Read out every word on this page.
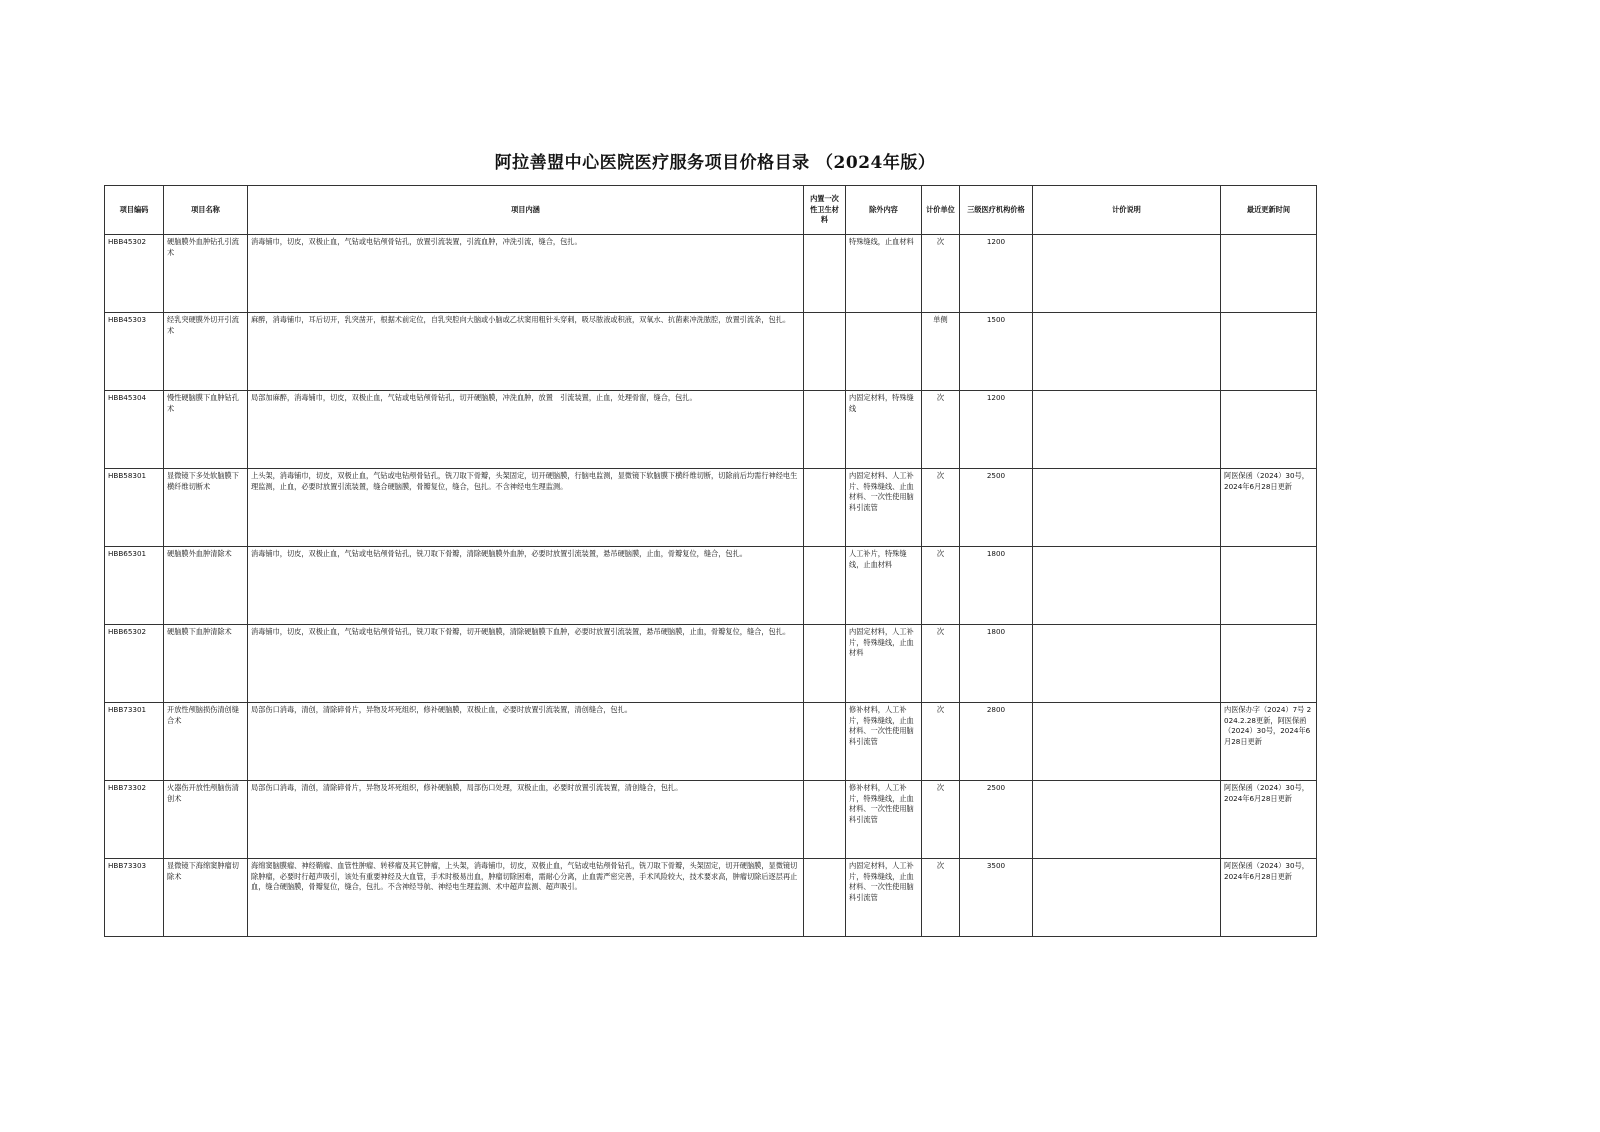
阿拉善盟中心医院医疗服务项目价格目录 （2024年版）
项目编码	项目名称	项目内涵	内置一次性卫生材料	除外内容	计价单位	三级医疗机构价格	计价说明	最近更新时间
HBB45302	硬脑膜外血肿钻孔引流术	消毒铺巾，切皮，双极止血，气钻或电钻颅骨钻孔，放置引流装置，引流血肿，冲洗引流，缝合，包扎。		特殊缝线，止血材料	次	1200		
HBB45303	经乳突硬膜外切开引流术	麻醉，消毒铺巾，耳后切开，乳突凿开，根据术前定位，自乳突腔向大脑或小脑或乙状窦用粗针头穿刺，吸尽脓液或积液，双氧水、抗菌素冲洗脓腔，放置引流条，包扎。			单侧	1500		
HBB45304	慢性硬脑膜下血肿钻孔术	局部加麻醉，消毒铺巾，切皮，双极止血，气钻或电钻颅骨钻孔，切开硬脑膜，冲洗血肿，放置　引流装置，止血，处理骨窗，缝合，包扎。		内固定材料，特殊缝线	次	1200		
HBB58301	显微镜下多处软脑膜下横纤维切断术	上头架，消毒铺巾，切皮，双极止血，气钻或电钻颅骨钻孔，铣刀取下骨瓣，头架固定，切开硬脑膜，行脑电监测，显微镜下软脑膜下横纤维切断，切除前后均需行神经电生理监测，止血，必要时放置引流装置，缝合硬脑膜，骨瓣复位，缝合，包扎。不含神经电生理监测。		内固定材料、人工补片、特殊缝线、止血材料、一次性使用脑科引流管	次	2500		阿医保函（2024）30号，2024年6月28日更新
HBB65301	硬脑膜外血肿清除术	消毒铺巾，切皮，双极止血，气钻或电钻颅骨钻孔，铣刀取下骨瓣，清除硬脑膜外血肿，必要时放置引流装置，悬吊硬脑膜，止血，骨瓣复位，缝合，包扎。		人工补片，特殊缝线，止血材料	次	1800		
HBB65302	硬脑膜下血肿清除术	消毒铺巾，切皮，双极止血，气钻或电钻颅骨钻孔，铣刀取下骨瓣，切开硬脑膜，清除硬脑膜下血肿，必要时放置引流装置，悬吊硬脑膜，止血，骨瓣复位，缝合，包扎。		内固定材料，人工补片，特殊缝线，止血材料	次	1800		
HBB73301	开放性颅脑损伤清创缝合术	局部伤口消毒，清创，清除碎骨片，异物及坏死组织，修补硬脑膜，双极止血，必要时放置引流装置，清创缝合，包扎。		修补材料，人工补片，特殊缝线，止血材料、一次性使用脑科引流管	次	2800		内医保办字（2024）7号 2024.2.28更新，阿医保函（2024）30号，2024年6月28日更新
HBB73302	火器伤开放性颅脑伤清创术	局部伤口消毒，清创，清除碎骨片，异物及坏死组织，修补硬脑膜，局部伤口处理，双极止血，必要时放置引流装置，清创缝合，包扎。		修补材料，人工补片，特殊缝线，止血材料、一次性使用脑科引流管	次	2500		阿医保函（2024）30号，2024年6月28日更新
HBB73303	显微镜下海绵窦肿瘤切除术	海绵窦脑膜瘤、神经鞘瘤、血管性肿瘤、转移瘤及其它肿瘤，上头架，消毒铺巾，切皮，双极止血，气钻或电钻颅骨钻孔，铣刀取下骨瓣，头架固定，切开硬脑膜，显微镜切除肿瘤，必要时行超声吸引，该处有重要神经及大血管，手术时极易出血，肿瘤切除困难，需耐心分离，止血需严密完善，手术风险较大，技术要求高，肿瘤切除后逐层再止血，缝合硬脑膜，骨瓣复位，缝合，包扎。不含神经导航、神经电生理监测、术中超声监测、超声吸引。		内固定材料，人工补片，特殊缝线，止血材料、一次性使用脑科引流管	次	3500		阿医保函（2024）30号，2024年6月28日更新
